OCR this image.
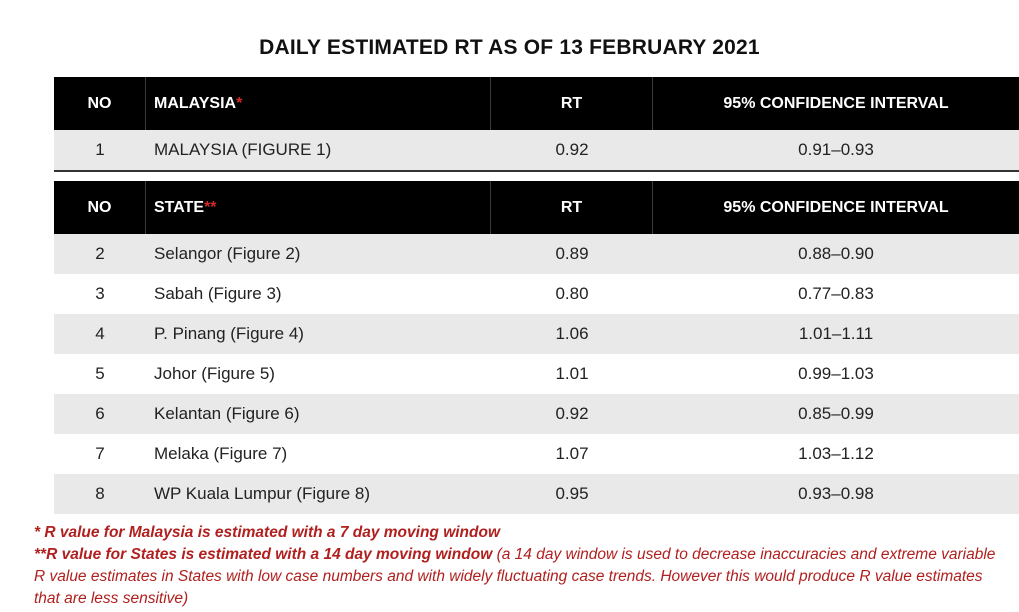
DAILY ESTIMATED RT AS OF 13 FEBRUARY 2021
NO	MALAYSIA *	RT	95% CONFIDENCE INTERVAL
1	MALAYSIA (FIGURE 1)	0.92	0.91–0.93
NO	STATE **	RT	95% CONFIDENCE INTERVAL
2	Selangor (Figure 2)	0.89	0.88–0.90
3	Sabah (Figure 3)	0.80	0.77–0.83
4	P. Pinang (Figure 4)	1.06	1.01–1.11
5	Johor (Figure 5)	1.01	0.99–1.03
6	Kelantan (Figure 6)	0.92	0.85–0.99
7	Melaka (Figure 7)	1.07	1.03–1.12
8	WP Kuala Lumpur (Figure 8)	0.95	0.93–0.98
* R value for Malaysia is estimated with a 7 day moving window
**R value for States is estimated with a 14 day moving window (a 14 day window is used to decrease inaccuracies and extreme variable R value estimates in States with low case numbers and with widely fluctuating case trends. However this would produce R value estimates that are less sensitive)
